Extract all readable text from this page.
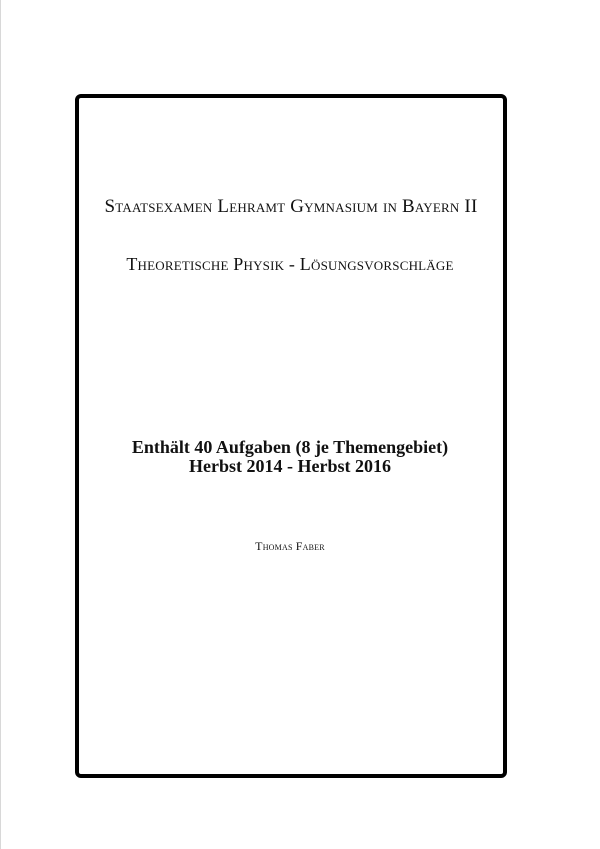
Staatsexamen Lehramt Gymnasium in Bayern II
Theoretische Physik - Lösungsvorschläge
Enthält 40 Aufgaben (8 je Themengebiet)
Herbst 2014 - Herbst 2016
Thomas Faber
